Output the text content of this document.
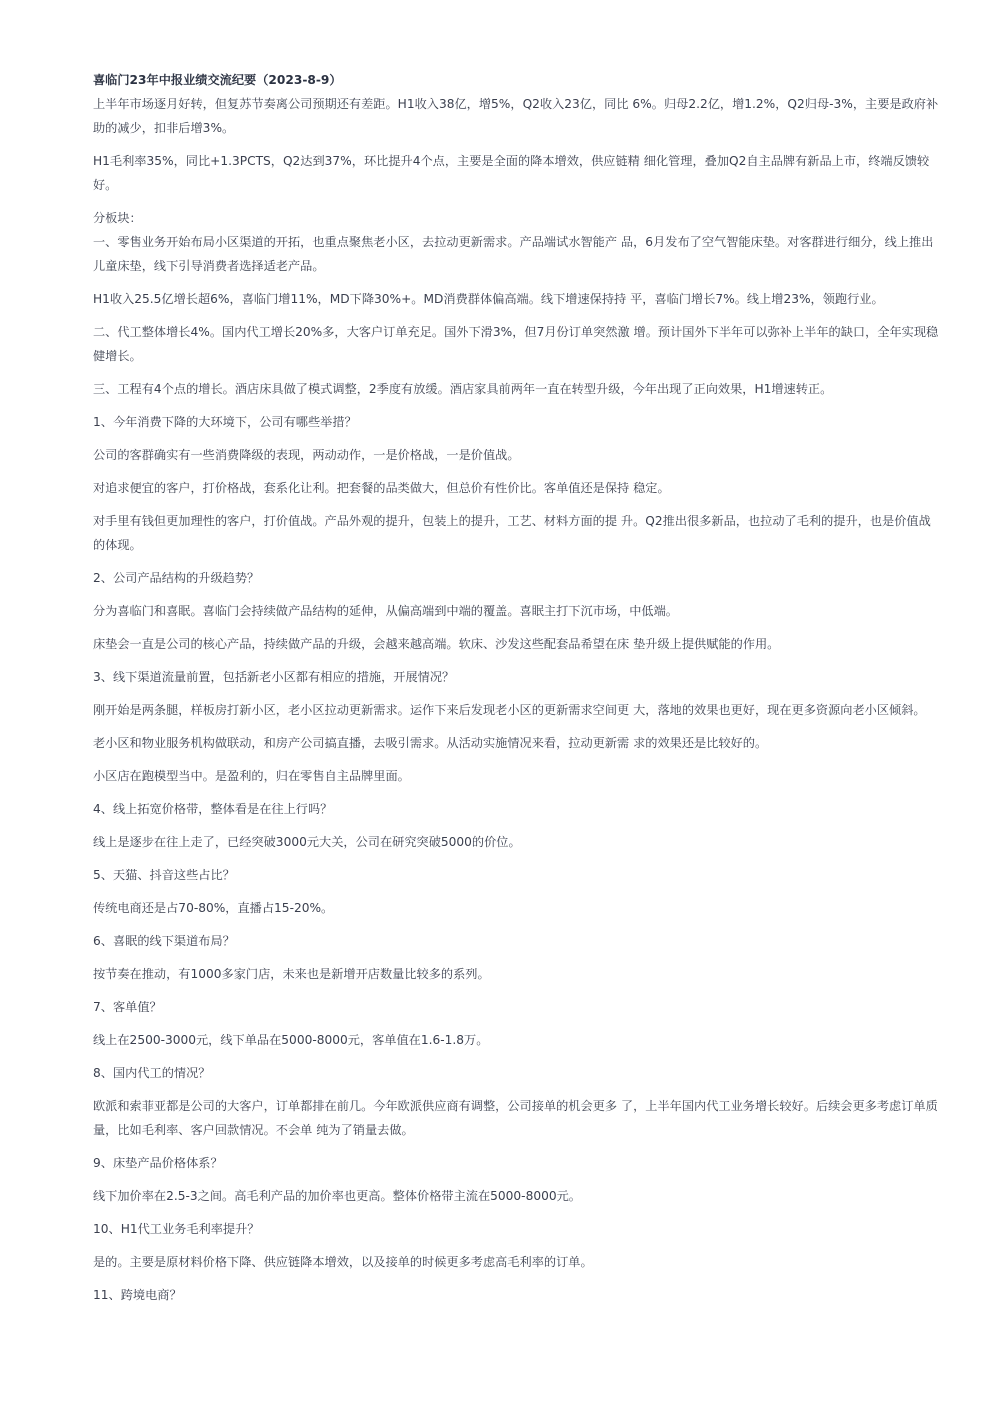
喜临门23年中报业绩交流纪要（2023-8-9）

上半年市场逐月好转，但复苏节奏离公司预期还有差距。H1收入38亿，增5%，Q2收入23亿，同比 6%。归母2.2亿，增1.2%，Q2归母-3%，主要是政府补助的减少，扣非后增3%。

H1毛利率35%，同比+1.3PCTS，Q2达到37%，环比提升4个点，主要是全面的降本增效，供应链精 细化管理，叠加Q2自主品牌有新品上市，终端反馈较好。

分板块：

一、零售业务开始布局小区渠道的开拓，也重点聚焦老小区，去拉动更新需求。产品端试水智能产 品，6月发布了空气智能床垫。对客群进行细分，线上推出儿童床垫，线下引导消费者选择适老产品。

H1收入25.5亿增长超6%，喜临门增11%，MD下降30%+。MD消费群体偏高端。线下增速保持持 平，喜临门增长7%。线上增23%，领跑行业。

二、代工整体增长4%。国内代工增长20%多，大客户订单充足。国外下滑3%，但7月份订单突然激 增。预计国外下半年可以弥补上半年的缺口，全年实现稳健增长。

三、工程有4个点的增长。酒店床具做了模式调整，2季度有放缓。酒店家具前两年一直在转型升级，今年出现了正向效果，H1增速转正。

1、今年消费下降的大环境下，公司有哪些举措？

公司的客群确实有一些消费降级的表现，两动动作，一是价格战，一是价值战。

对追求便宜的客户，打价格战，套系化让利。把套餐的品类做大，但总价有性价比。客单值还是保持 稳定。

对手里有钱但更加理性的客户，打价值战。产品外观的提升，包装上的提升，工艺、材料方面的提 升。Q2推出很多新品，也拉动了毛利的提升，也是价值战的体现。

2、公司产品结构的升级趋势？

分为喜临门和喜眠。喜临门会持续做产品结构的延伸，从偏高端到中端的覆盖。喜眠主打下沉市场，中低端。

床垫会一直是公司的核心产品，持续做产品的升级，会越来越高端。软床、沙发这些配套品希望在床 垫升级上提供赋能的作用。

3、线下渠道流量前置，包括新老小区都有相应的措施，开展情况？

刚开始是两条腿，样板房打新小区，老小区拉动更新需求。运作下来后发现老小区的更新需求空间更 大，落地的效果也更好，现在更多资源向老小区倾斜。

老小区和物业服务机构做联动，和房产公司搞直播，去吸引需求。从活动实施情况来看，拉动更新需 求的效果还是比较好的。

小区店在跑模型当中。是盈利的，归在零售自主品牌里面。

4、线上拓宽价格带，整体看是在往上行吗？

线上是逐步在往上走了，已经突破3000元大关，公司在研究突破5000的价位。

5、天猫、抖音这些占比？

传统电商还是占70-80%，直播占15-20%。

6、喜眠的线下渠道布局？

按节奏在推动，有1000多家门店，未来也是新增开店数量比较多的系列。

7、客单值？

线上在2500-3000元，线下单品在5000-8000元，客单值在1.6-1.8万。

8、国内代工的情况？

欧派和索菲亚都是公司的大客户，订单都排在前几。今年欧派供应商有调整，公司接单的机会更多 了，上半年国内代工业务增长较好。后续会更多考虑订单质量，比如毛利率、客户回款情况。不会单 纯为了销量去做。

9、床垫产品价格体系？

线下加价率在2.5-3之间。高毛利产品的加价率也更高。整体价格带主流在5000-8000元。

10、H1代工业务毛利率提升？

是的。主要是原材料价格下降、供应链降本增效，以及接单的时候更多考虑高毛利率的订单。

11、跨境电商？
